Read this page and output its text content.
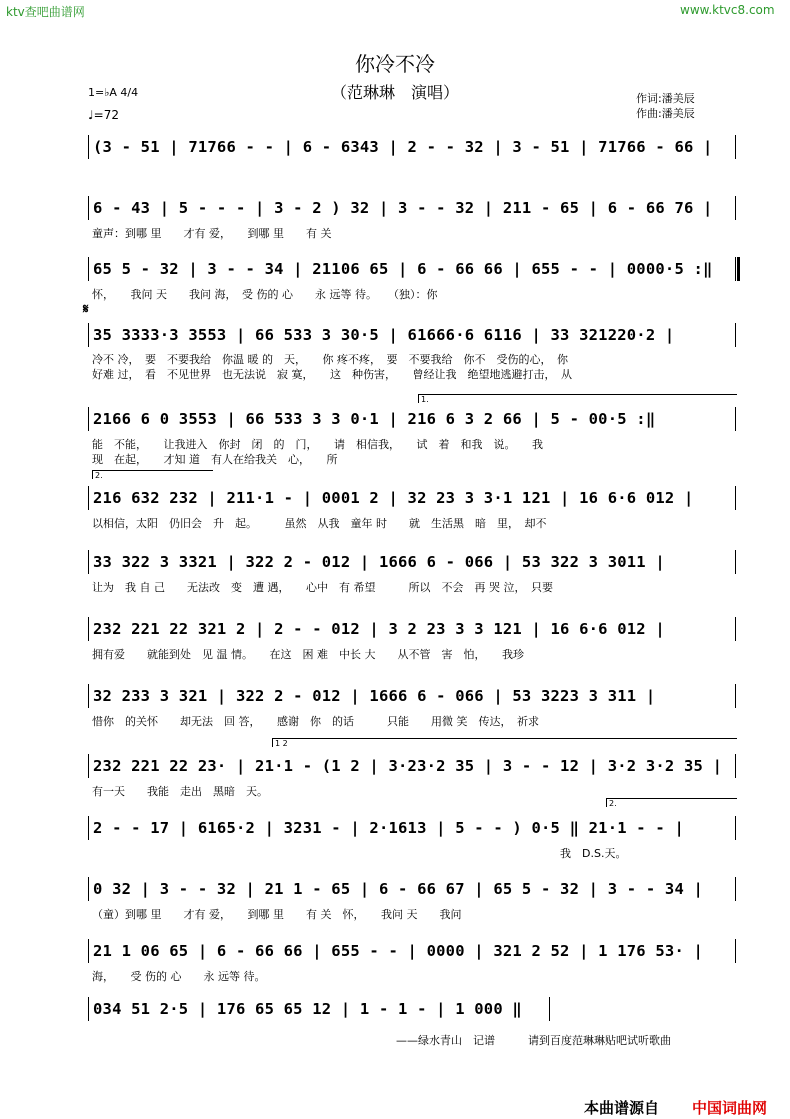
ktv查吧曲谱网	www.ktvc8.com
你冷不冷
（范琳琳　演唱）	作词:潘美辰
作曲:潘美辰
1=♭A 4/4
♩=72
𝄋
(3 - 51 | 71766 - - | 6 - 6343 | 2 - - 32 | 3 - 51 | 71766 - 66 |
6 - 43 | 5 - - - | 3 - 2 ) 32 | 3 - - 32 | 211 - 65 | 6 - 66 76 |
童声：到哪 里　　才有 爱，　　到哪 里　　有 关
65 5 - 32 | 3 - - 34 | 21106 65 | 6 - 66 66 | 655 - - | 0000·5 :‖
怀，　　我问 天　　我问 海，　受 伤的 心　　永 远等 待。　　（独）：你
35 3333·3 3553 | 66 533 3 30·5 | 61666·6 6116 | 33 321220·2 |
冷不 冷，　要　不要我给　你温 暖 的　天，　　你 疼不疼，　要　不要我给　你不　受伤的心，　你
好难 过，　看　不见世界　也无法说　寂 寞，　　这　种伤害，　　曾经让我　绝望地逃避打击，　从
1.
2166 6 0 3553 | 66 533 3 3 0·1 | 216 6 3 2 66 | 5 - 00·5 :‖
能　不能，　　让我进入　你封　闭　的　门，　　请　相信我，　　试　着　和我　说。　　我
现　在起，　　才知 道　有人在给我关　心，　　所
2.
216 632 232 | 211·1 - | 0001 2 | 32 23 3 3·1 121 | 16 6·6 012 |
以相信，太阳　仍旧会　升　起。　　　虽然　从我　童年 时　　就　生活黑　暗　里，　却不
33 322 3 3321 | 322 2 - 012 | 1666 6 - 066 | 53 322 3 3011 |
让为　我 自 己　　无法改　变　遭 遇，　　心中　有 希望　　　所以　不会　再 哭 泣，　只要
232 221 22 321 2 | 2 - - 012 | 3 2 23 3 3 121 | 16 6·6 012 |
拥有爱　　就能到处　见 温 情。　　在这　困 难　中长 大　　从不管　害　怕，　　我珍
32 233 3 321 | 322 2 - 012 | 1666 6 - 066 | 53 3223 3 311 |
惜你　的关怀　　却无法　回 答，　　感谢　你　的话　　　只能　　用微 笑　传达，　祈求
1 2
232 221 22 23· | 21·1 - (1 2 | 3·23·2 35 | 3 - - 12 | 3·2 3·2 35 |
有一天　　我能　走出　黑暗　天。
2.
2 - - 17 | 6165·2 | 3231 - | 2·1613 | 5 - - ) 0·5 ‖ 21·1 - - |
我　D.S.天。
0 32 | 3 - - 32 | 21 1 - 65 | 6 - 66 67 | 65 5 - 32 | 3 - - 34 |
（童）到哪 里　　才有 爱，　　到哪 里　　有 关　怀，　　我问 天　　我问
21 1 06 65 | 6 - 66 66 | 655 - - | 0000 | 321 2 52 | 1 176 53· |
海，　　受 伤的 心　　永 远等 待。
034 51 2·5 | 176 65 65 12 | 1 - 1 - | 1 000 ‖
——绿水青山　记谱	请到百度范琳琳贴吧试听歌曲
本曲谱源自 中国词曲网
